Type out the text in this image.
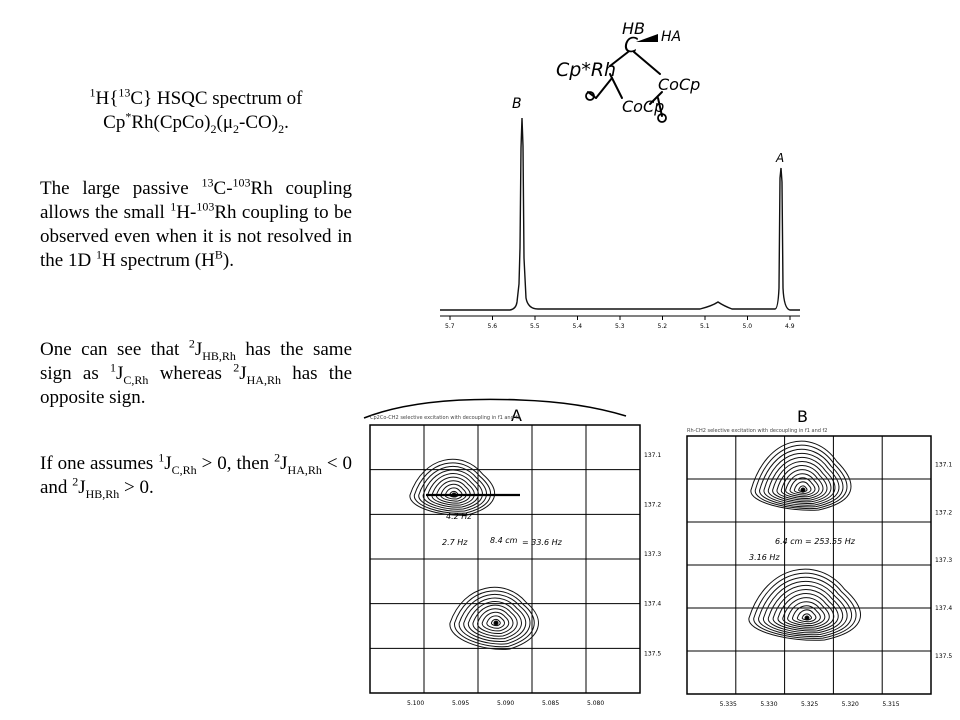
$^1$H{$^{13}$C} HSQC spectrum of
$Cp^*Rh(CpCo)_2(\mu_2-CO)_2$.

The large passive $^{13}$C-$^{103}$Rh coupling allows the small $^1$H-$^{103}$Rh coupling to be observed even when it is not resolved in the 1D $^1$H spectrum $(H^B)$.

One can see that $^2J_{HB,Rh}$ has the same sign as $^1J_{C,Rh}$ whereas $^2J_{HA,Rh}$ has the opposite sign.

If one assumes $^1J_{C,Rh} > 0$, then $^2J_{HA,Rh} < 0$ and $^2J_{HB,Rh} > 0$.

HB HA
C
Cp*Rh
CoCp
CoCp
B
A
5.7	5.6	5.5	5.4	5.3	5.2	5.1	5.0	4.9
A
Cp2Co-CH2 selective excitation with decoupling in f1 and f2
137.1
137.2
137.3
137.4
137.5
5.100	5.095	5.090	5.085	5.080
4.2 Hz
2.7 Hz	8.4 cm = 33.6 Hz
B
Rh-CH2 selective excitation with decoupling in f1 and f2
137.1
137.2
137.3
137.4
137.5
5.335	5.330	5.325	5.320	5.315
6.4 cm = 253.55 Hz
3.16 Hz
